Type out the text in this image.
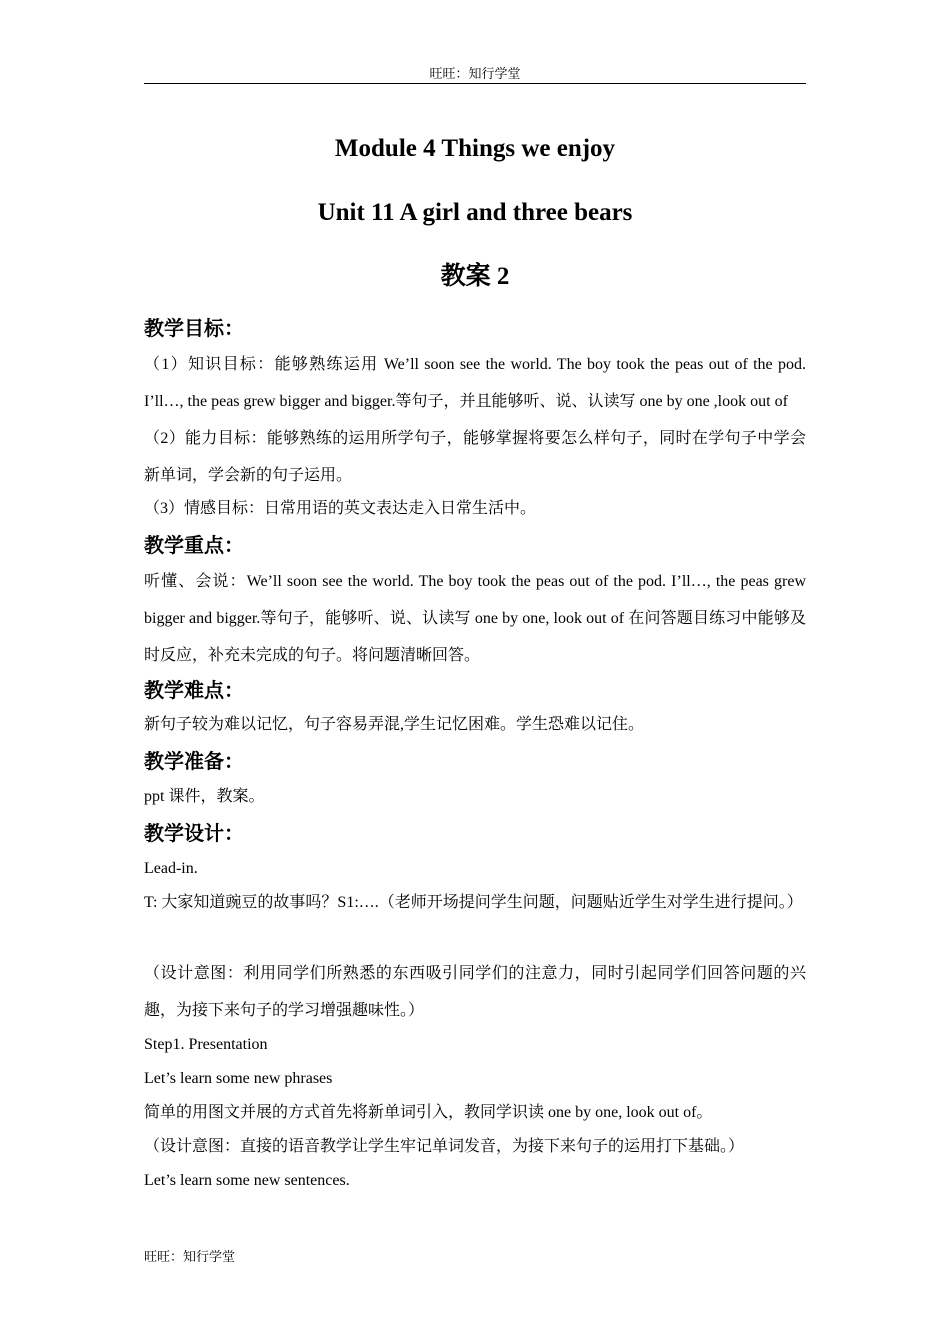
旺旺：知行学堂
Module 4 Things we enjoy
Unit 11 A girl and three bears
教案 2
教学目标：
（1）知识目标：能够熟练运用 We’ll soon see the world. The boy took the peas out of the pod. I’ll…, the peas grew bigger and bigger.等句子，并且能够听、说、认读写 one by one ,look out of
（2）能力目标：能够熟练的运用所学句子，能够掌握将要怎么样句子，同时在学句子中学会新单词，学会新的句子运用。
（3）情感目标：日常用语的英文表达走入日常生活中。
教学重点：
听懂、会说：We’ll soon see the world. The boy took the peas out of the pod. I’ll…, the peas grew bigger and bigger.等句子，能够听、说、认读写 one by one, look out of 在问答题目练习中能够及时反应，补充未完成的句子。将问题清晰回答。
教学难点：
新句子较为难以记忆，句子容易弄混,学生记忆困难。学生恐难以记住。
教学准备：
ppt 课件，教案。
教学设计：
Lead-in.
T: 大家知道豌豆的故事吗？S1:….（老师开场提问学生问题，问题贴近学生对学生进行提问。）
（设计意图：利用同学们所熟悉的东西吸引同学们的注意力，同时引起同学们回答问题的兴趣，为接下来句子的学习增强趣味性。）
Step1. Presentation
Let’s learn some new phrases
简单的用图文并展的方式首先将新单词引入，教同学识读 one by one, look out of。
（设计意图：直接的语音教学让学生牢记单词发音，为接下来句子的运用打下基础。）
Let’s learn some new sentences.
旺旺：知行学堂
